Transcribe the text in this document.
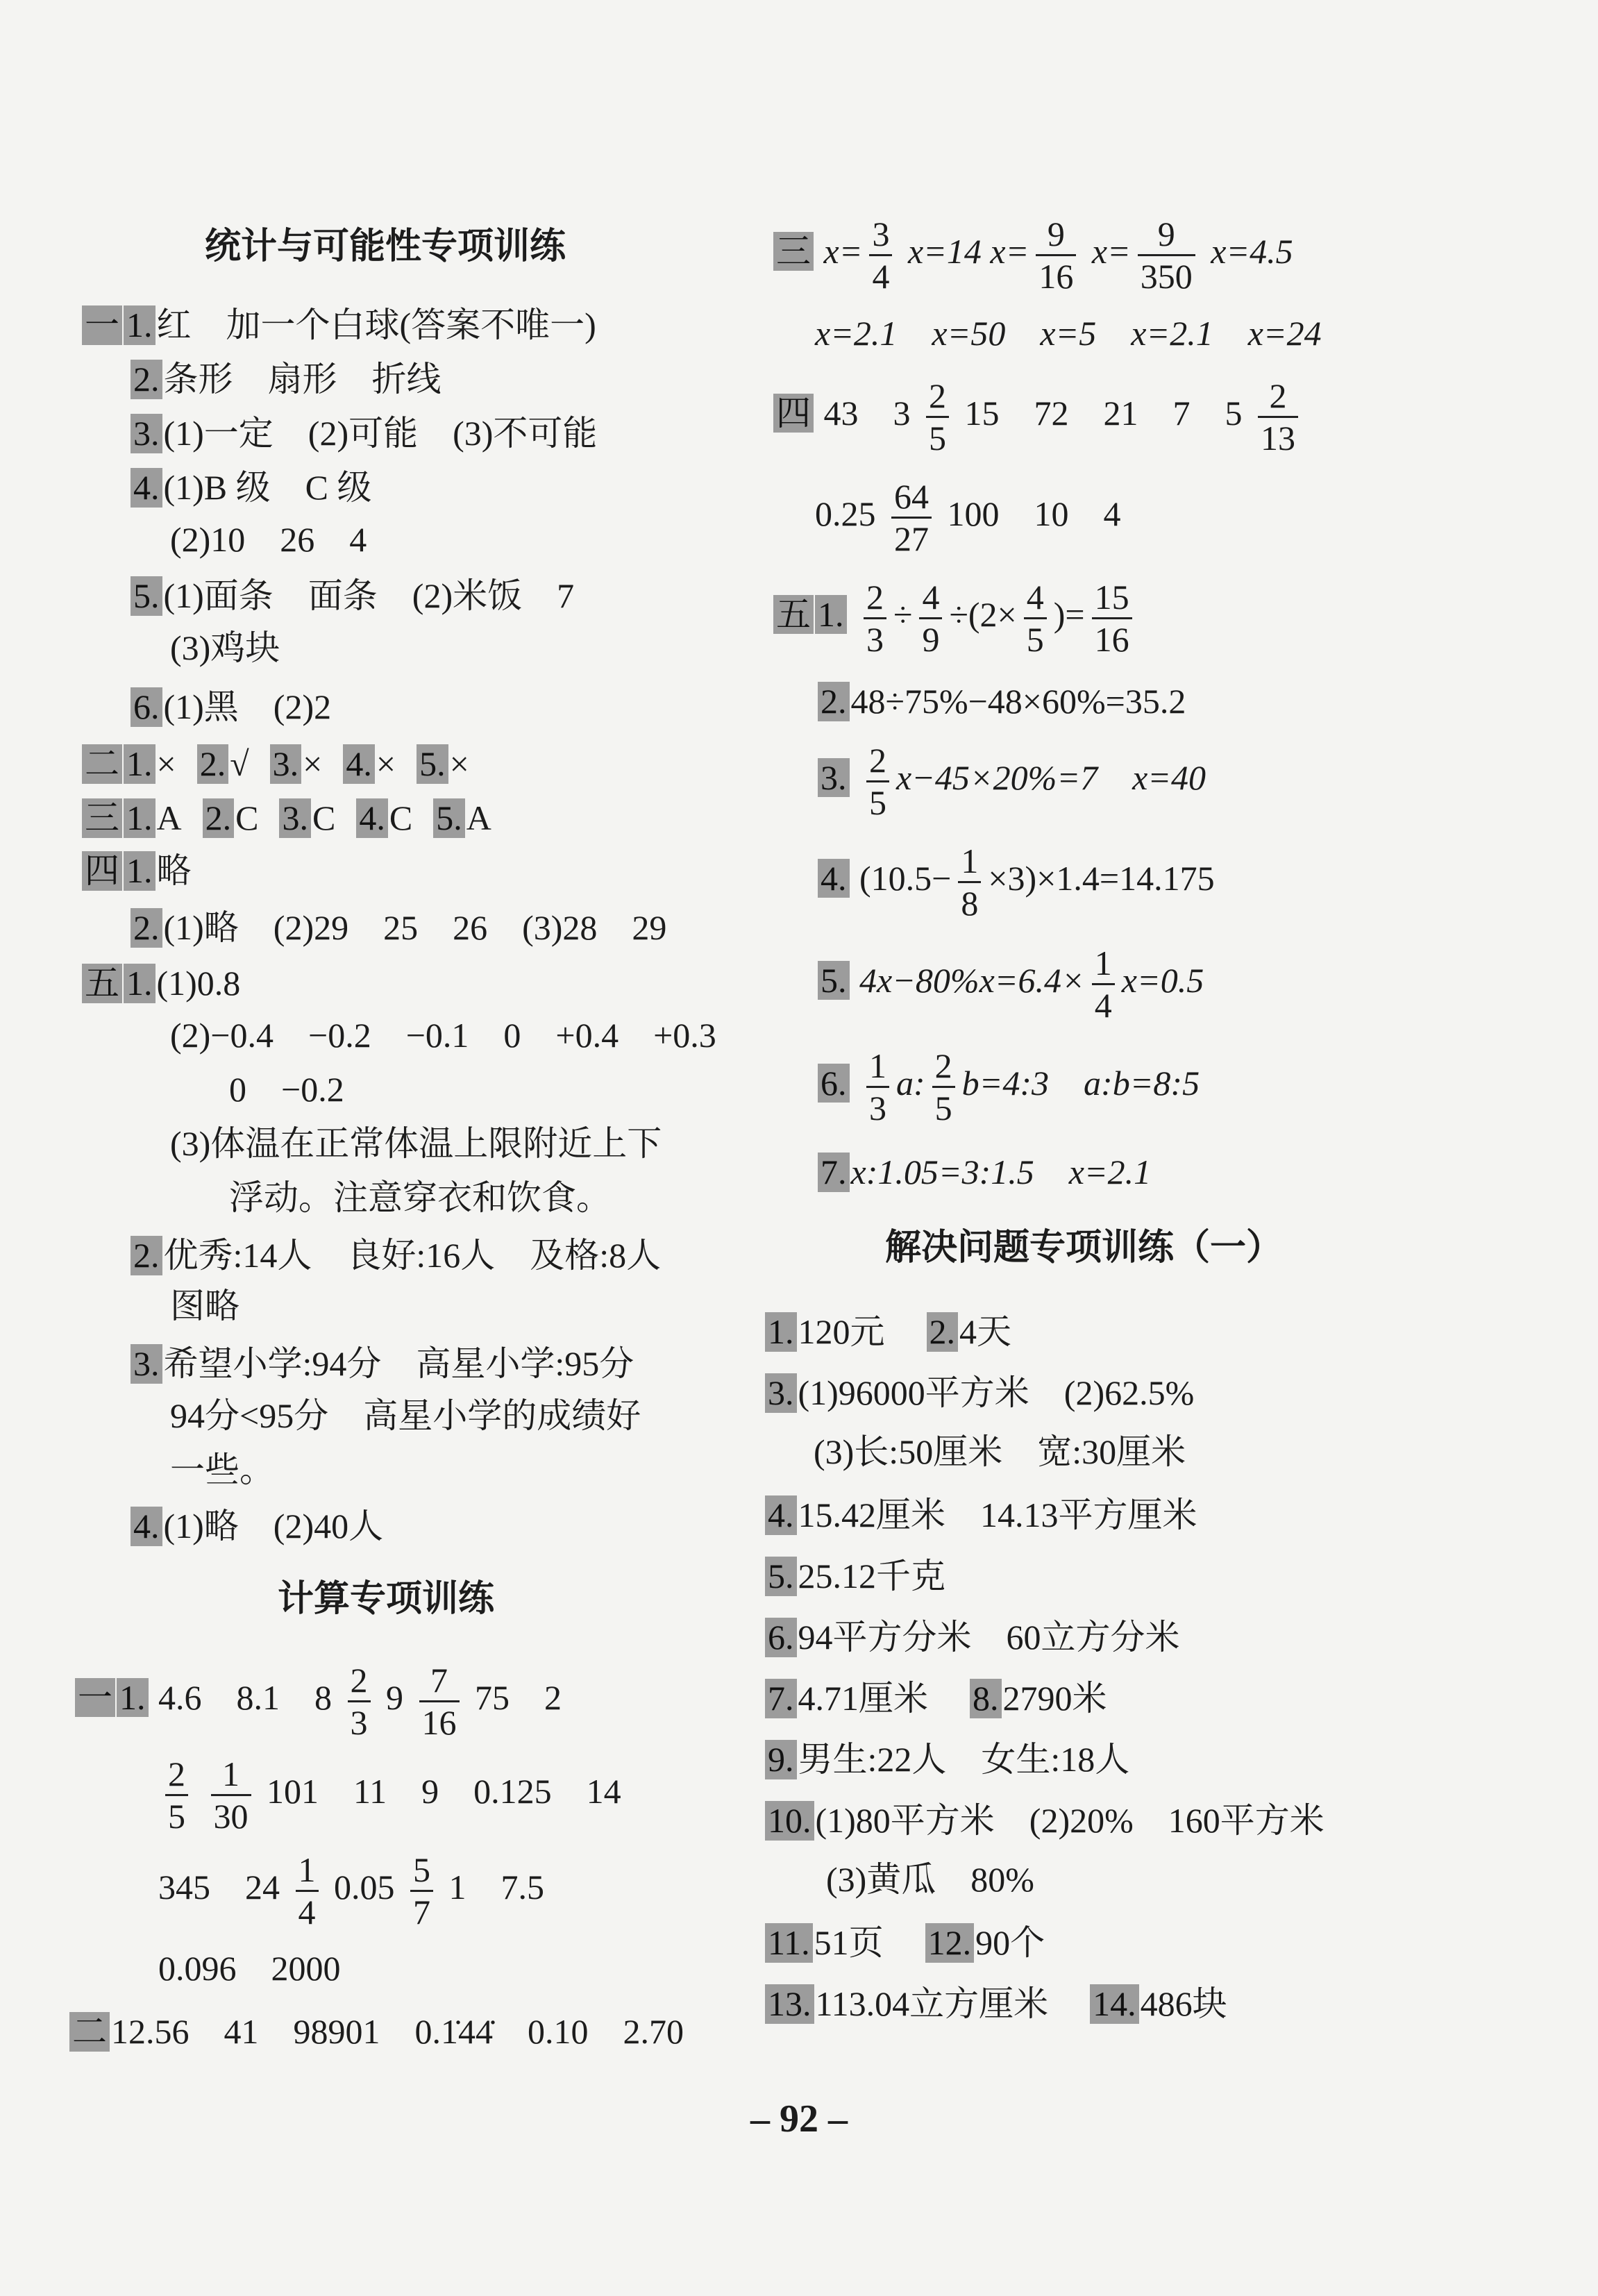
统计与可能性专项训练
一 1. 红　加一个白球(答案不唯一)
2. 条形　扇形　折线
3. (1)一定　(2)可能　(3)不可能
4. (1)B 级　C 级
(2)10　26　4
5. (1)面条　面条　(2)米饭　7
(3)鸡块
6. (1)黑　(2)2
二 1. × 2. √ 3. × 4. × 5. ×
三 1. A 2. C 3. C 4. C 5. A
四 1. 略
2. (1)略　(2)29　25　26　(3)28　29
五 1. (1)0.8
(2)−0.4　−0.2　−0.1　0　+0.4　+0.3
0　−0.2
(3)体温在正常体温上限附近上下
浮动。注意穿衣和饮食。
2. 优秀:14人　良好:16人　及格:8人
图略
3. 希望小学:94分　高星小学:95分
94分<95分　高星小学的成绩好
一些。
4. (1)略　(2)40人
计算专项训练
一 1. 4.6　8.1　$8 \frac{2}{3} 9 \frac{7}{16} 75$　2
$\frac{2}{5}$
$\frac{1}{30} 101$　11　9　0.125　14
345　$24 \frac{1}{4} 0.05 \frac{5}{7} 1$　7.5
0.096　2000
二 12.56　41　98901　0.1̇44̇　0.10　2.70
三 $x= \frac{3}{4} x=14$ $x= \frac{9}{16} x= \frac{9}{350} x=4.5$
x=2.1　x=50　x=5　x=2.1　x=24
四 43　$3 \frac{2}{5} 15$　72　21　7　$5 \frac{2}{13}$
$0.25 \frac{64}{27} 100$　10　4
五 1. $\frac{2}{3} \div \frac{4}{9} \div(2\times \frac{4}{5}$ )= $\frac{15}{16}$
2. 48÷75%−48×60%=35.2
3. $\frac{2}{5} x-45\times 20\%=7$　x=40
4. $(10.5- \frac{1}{8} \times 3)\times 1.4=14.175$
5. $4x-80\%x=6.4\times \frac{1}{4} x=0.5$
6. $\frac{1}{3} a$: $\frac{2}{5}$ b=4:3　a:b=8:5
7. x:1.05=3:1.5　x=2.1
解决问题专项训练（一）
1. 120元 2. 4天
3. (1)96000平方米　(2)62.5%
(3)长:50厘米　宽:30厘米
4. 15.42厘米　14.13平方厘米
5. 25.12千克
6. 94平方分米　60立方分米
7. 4.71厘米 8. 2790米
9. 男生:22人　女生:18人
10. (1)80平方米　(2)20%　160平方米
(3)黄瓜　80%
11. 51页 12. 90个
13. 113.04立方厘米 14. 486块
– 92 –
